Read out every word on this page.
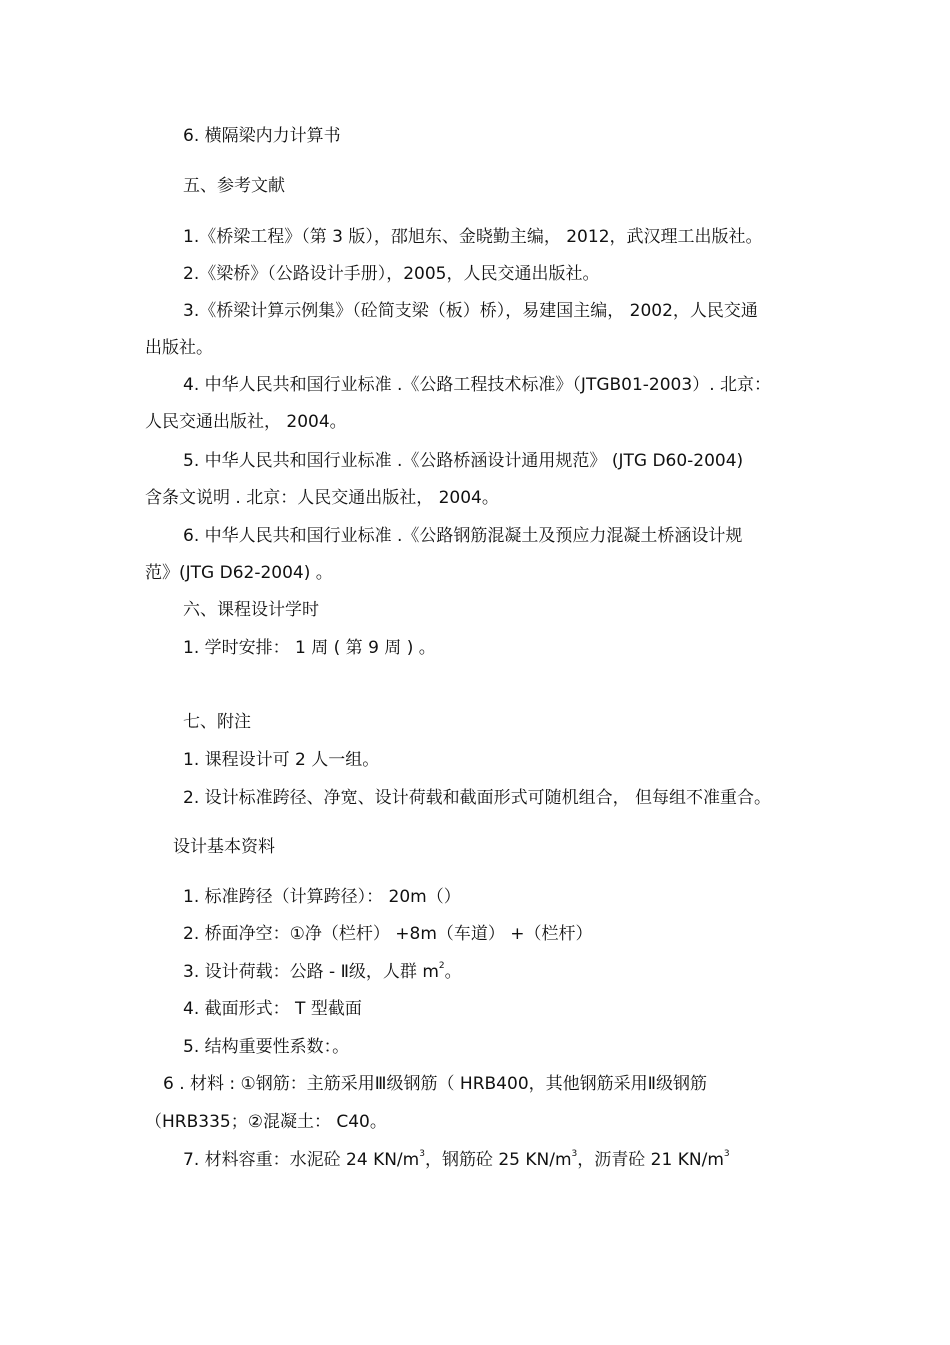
6. 横隔梁内力计算书
五、参考文献
1.《桥梁工程》（第 3 版），邵旭东、金晓勤主编， 2012，武汉理工出版社。
2.《梁桥》（公路设计手册），2005，人民交通出版社。
3.《桥梁计算示例集》（砼简支梁（板）桥），易建国主编， 2002，人民交通
出版社。
4. 中华人民共和国行业标准 .《公路工程技术标准》（JTGB01-2003）. 北京：
人民交通出版社， 2004。
5. 中华人民共和国行业标准 .《公路桥涵设计通用规范》 (JTG D60-2004)
含条文说明 . 北京：人民交通出版社， 2004。
6. 中华人民共和国行业标准 .《公路钢筋混凝土及预应力混凝土桥涵设计规
范》(JTG D62-2004) 。
六、课程设计学时
1. 学时安排： 1 周 ( 第 9 周 ) 。
七、附注
1. 课程设计可 2 人一组。
2. 设计标准跨径、净宽、设计荷载和截面形式可随机组合， 但每组不准重合。
设计基本资料
1. 标准跨径（计算跨径）： 20m（）
2. 桥面净空：①净（栏杆） +8m（车道） +（栏杆）
3. 设计荷载：公路 - Ⅱ级，人群 $m^2$。
4. 截面形式： T 型截面
5. 结构重要性系数：。
6 . 材料 : ①钢筋：主筋采用Ⅲ级钢筋（ HRB400，其他钢筋采用Ⅱ级钢筋
（HRB335；②混凝土： C40。
7. 材料容重：水泥砼 24 $KN/m^3$，钢筋砼 25 $KN/m^3$，沥青砼 21 $KN/m^3$
